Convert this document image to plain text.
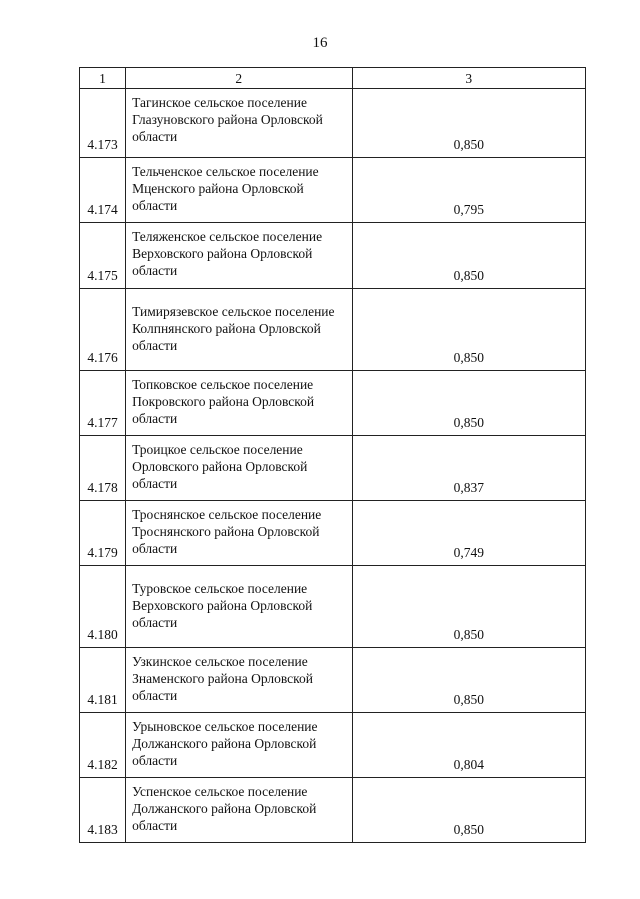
16
1	2	3
4.173	Тагинское сельское поселение Глазуновского района Орловской области	0,850
4.174	Тельченское сельское поселение Мценского района Орловской области	0,795
4.175	Теляженское сельское поселение Верховского района Орловской области	0,850
4.176	Тимирязевское сельское поселение Колпнянского района Орловской области	0,850
4.177	Топковское сельское поселение Покровского района Орловской области	0,850
4.178	Троицкое сельское поселение Орловского района Орловской области	0,837
4.179	Троснянское сельское поселение Троснянского района Орловской области	0,749
4.180	Туровское сельское поселение Верховского района Орловской области	0,850
4.181	Узкинское сельское поселение Знаменского района Орловской области	0,850
4.182	Урыновское сельское поселение Должанского района Орловской области	0,804
4.183	Успенское сельское поселение Должанского района Орловской области	0,850
